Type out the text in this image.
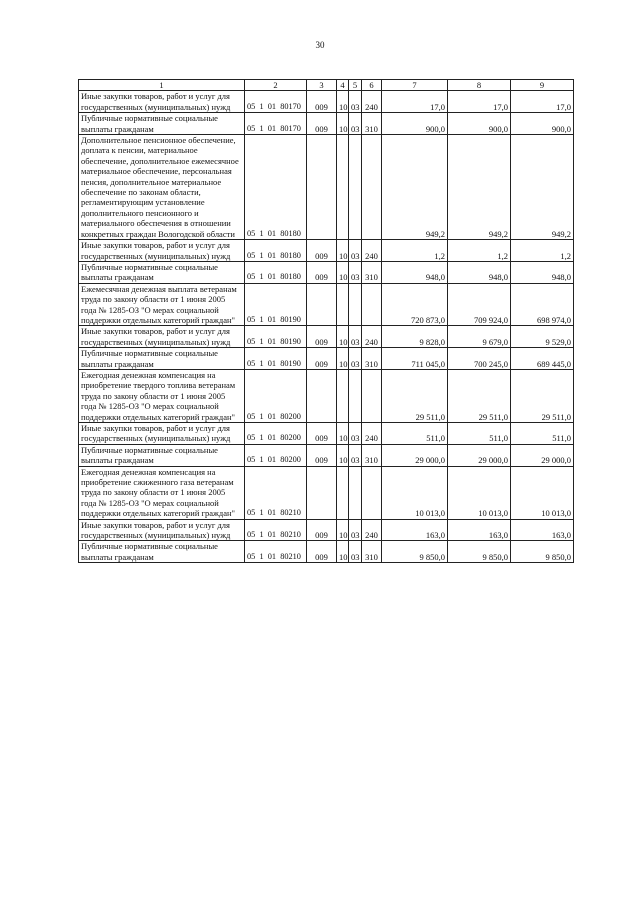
30
1	2	3	4	5	6	7	8	9
Иные закупки товаров, работ и услуг для государственных (муниципальных) нужд	05  1  01  80170	009	10	03	240	17,0	17,0	17,0
Публичные нормативные социальные выплаты гражданам	05  1  01  80170	009	10	03	310	900,0	900,0	900,0
Дополнительное пенсионное обеспечение, доплата к пенсии, материальное обеспечение, дополнительное ежемесячное материальное обеспечение, персональная пенсия, дополнительное материальное обеспечение по законам области, регламентирующим установление дополнительного пенсионного и материального обеспечения в отношении конкретных граждан Вологодской области	05  1  01  80180					949,2	949,2	949,2
Иные закупки товаров, работ и услуг для государственных (муниципальных) нужд	05  1  01  80180	009	10	03	240	1,2	1,2	1,2
Публичные нормативные социальные выплаты гражданам	05  1  01  80180	009	10	03	310	948,0	948,0	948,0
Ежемесячная денежная выплата ветеранам труда по закону области от 1 июня 2005 года № 1285-ОЗ "О мерах социальной поддержки отдельных категорий граждан"	05  1  01  80190					720 873,0	709 924,0	698 974,0
Иные закупки товаров, работ и услуг для государственных (муниципальных) нужд	05  1  01  80190	009	10	03	240	9 828,0	9 679,0	9 529,0
Публичные нормативные социальные выплаты гражданам	05  1  01  80190	009	10	03	310	711 045,0	700 245,0	689 445,0
Ежегодная денежная компенсация на приобретение твердого топлива ветеранам труда по закону области от 1 июня 2005 года № 1285-ОЗ "О мерах социальной поддержки отдельных категорий граждан"	05  1  01  80200					29 511,0	29 511,0	29 511,0
Иные закупки товаров, работ и услуг для государственных (муниципальных) нужд	05  1  01  80200	009	10	03	240	511,0	511,0	511,0
Публичные нормативные социальные выплаты гражданам	05  1  01  80200	009	10	03	310	29 000,0	29 000,0	29 000,0
Ежегодная денежная компенсация на приобретение сжиженного газа ветеранам труда по закону области от 1 июня 2005 года № 1285-ОЗ "О мерах социальной поддержки отдельных категорий граждан"	05  1  01  80210					10 013,0	10 013,0	10 013,0
Иные закупки товаров, работ и услуг для государственных (муниципальных) нужд	05  1  01  80210	009	10	03	240	163,0	163,0	163,0
Публичные нормативные социальные выплаты гражданам	05  1  01  80210	009	10	03	310	9 850,0	9 850,0	9 850,0
